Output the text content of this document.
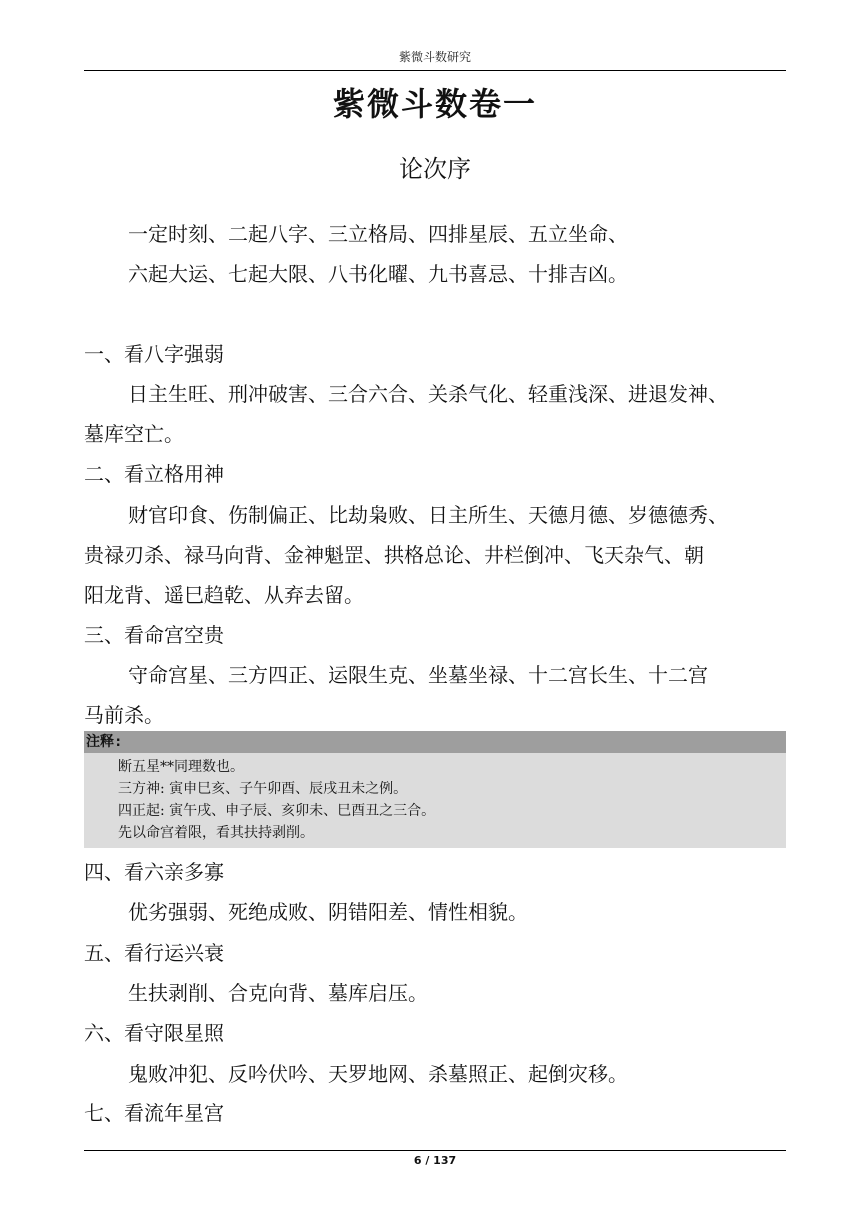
紫微斗数研究
紫微斗数卷一
论次序
一定时刻、二起八字、三立格局、四排星辰、五立坐命、
六起大运、七起大限、八书化曜、九书喜忌、十排吉凶。
一、看八字强弱
日主生旺、刑冲破害、三合六合、关杀气化、轻重浅深、进退发神、
墓库空亡。
二、看立格用神
财官印食、伤制偏正、比劫枭败、日主所生、天德月德、岁德德秀、
贵禄刃杀、禄马向背、金神魁罡、拱格总论、井栏倒冲、飞天杂气、朝
阳龙背、遥巳趋乾、从弃去留。
三、看命宫空贵
守命宫星、三方四正、运限生克、坐墓坐禄、十二宫长生、十二宫
马前杀。
注释:
断五星**同理数也。
三方神: 寅申巳亥、子午卯酉、辰戌丑未之例。
四正起: 寅午戌、申子辰、亥卯未、巳酉丑之三合。
先以命宫着限，看其扶持剥削。
四、看六亲多寡
优劣强弱、死绝成败、阴错阳差、情性相貌。
五、看行运兴衰
生扶剥削、合克向背、墓库启压。
六、看守限星照
鬼败冲犯、反吟伏吟、天罗地网、杀墓照正、起倒灾移。
七、看流年星宫
6 / 137
